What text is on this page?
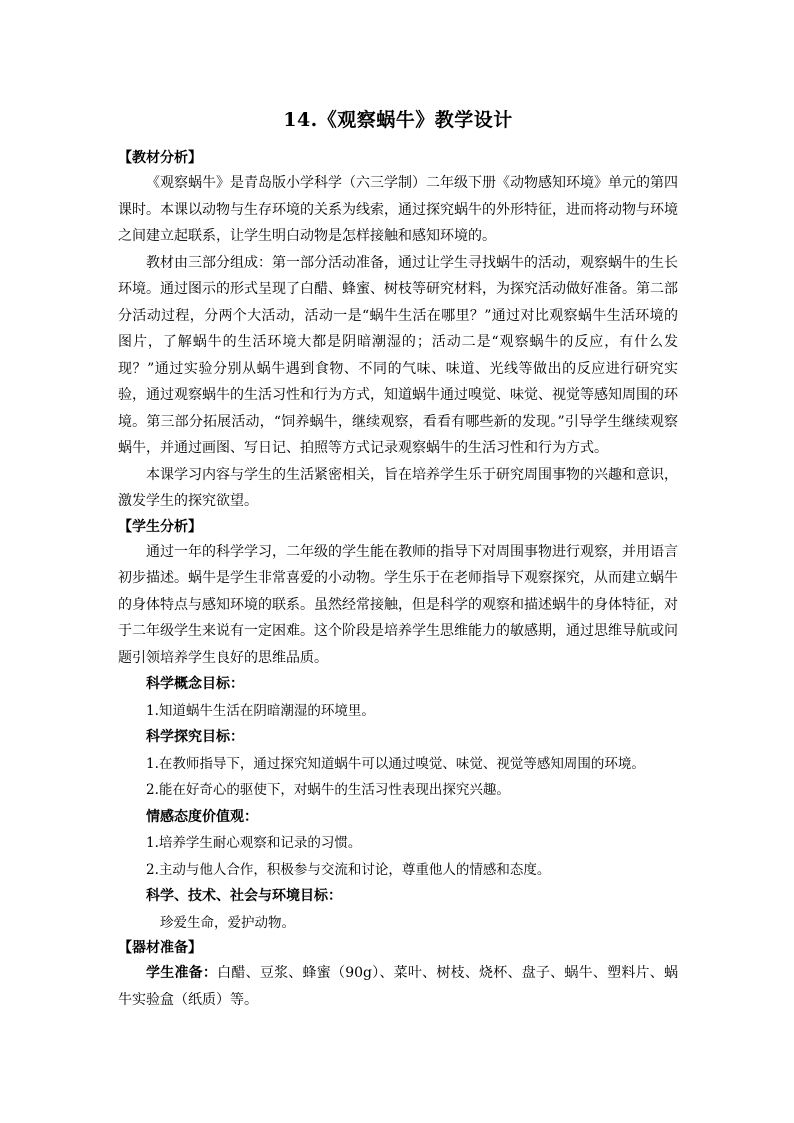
14.《观察蜗牛》教学设计
【教材分析】

《观察蜗牛》是青岛版小学科学（六三学制）二年级下册《动物感知环境》单元的第四课时。本课以动物与生存环境的关系为线索，通过探究蜗牛的外形特征，进而将动物与环境之间建立起联系，让学生明白动物是怎样接触和感知环境的。

教材由三部分组成：第一部分活动准备，通过让学生寻找蜗牛的活动，观察蜗牛的生长环境。通过图示的形式呈现了白醋、蜂蜜、树枝等研究材料，为探究活动做好准备。第二部分活动过程，分两个大活动，活动一是“蜗牛生活在哪里？”通过对比观察蜗牛生活环境的图片，了解蜗牛的生活环境大都是阴暗潮湿的；活动二是“观察蜗牛的反应，有什么发现？”通过实验分别从蜗牛遇到食物、不同的气味、味道、光线等做出的反应进行研究实验，通过观察蜗牛的生活习性和行为方式，知道蜗牛通过嗅觉、味觉、视觉等感知周围的环境。第三部分拓展活动，“饲养蜗牛，继续观察，看看有哪些新的发现。”引导学生继续观察蜗牛，并通过画图、写日记、拍照等方式记录观察蜗牛的生活习性和行为方式。

本课学习内容与学生的生活紧密相关，旨在培养学生乐于研究周围事物的兴趣和意识，激发学生的探究欲望。

【学生分析】

通过一年的科学学习，二年级的学生能在教师的指导下对周围事物进行观察，并用语言初步描述。蜗牛是学生非常喜爱的小动物。学生乐于在老师指导下观察探究，从而建立蜗牛的身体特点与感知环境的联系。虽然经常接触，但是科学的观察和描述蜗牛的身体特征，对于二年级学生来说有一定困难。这个阶段是培养学生思维能力的敏感期，通过思维导航或问题引领培养学生良好的思维品质。

科学概念目标：
1.知道蜗牛生活在阴暗潮湿的环境里。
科学探究目标：
1.在教师指导下，通过探究知道蜗牛可以通过嗅觉、味觉、视觉等感知周围的环境。
2.能在好奇心的驱使下，对蜗牛的生活习性表现出探究兴趣。
情感态度价值观：
1.培养学生耐心观察和记录的习惯。
2.主动与他人合作，积极参与交流和讨论，尊重他人的情感和态度。
科学、技术、社会与环境目标：
珍爱生命，爱护动物。
【器材准备】

学生准备：白醋、豆浆、蜂蜜（90g）、菜叶、树枝、烧杯、盘子、蜗牛、塑料片、蜗牛实验盒（纸质）等。
